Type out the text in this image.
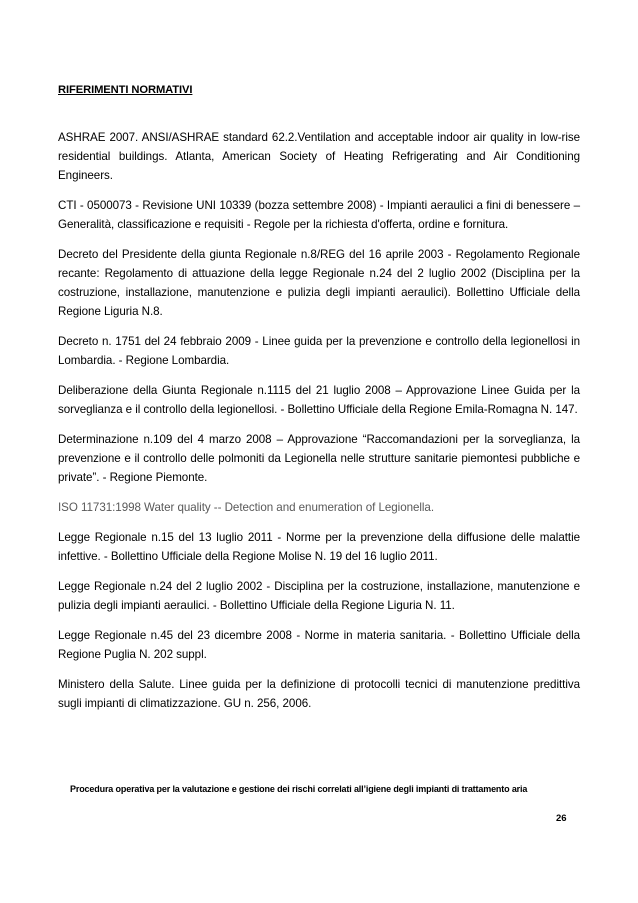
RIFERIMENTI NORMATIVI
ASHRAE 2007. ANSI/ASHRAE standard 62.2.Ventilation and acceptable indoor air quality in low-rise residential buildings. Atlanta, American Society of Heating Refrigerating and Air Conditioning Engineers.
CTI - 0500073 - Revisione UNI 10339 (bozza settembre 2008) - Impianti aeraulici a fini di benessere – Generalità, classificazione e requisiti - Regole per la richiesta d'offerta, ordine e fornitura.
Decreto del Presidente della giunta Regionale n.8/REG del 16 aprile 2003 - Regolamento Regionale recante: Regolamento di attuazione della legge Regionale n.24 del 2 luglio 2002 (Disciplina per la costruzione, installazione, manutenzione e pulizia degli impianti aeraulici). Bollettino Ufficiale della Regione Liguria N.8.
Decreto n. 1751 del 24 febbraio 2009 - Linee guida per la prevenzione e controllo della legionellosi in Lombardia. - Regione Lombardia.
Deliberazione della Giunta Regionale n.1115 del 21 luglio 2008 – Approvazione Linee Guida per la sorveglianza e il controllo della legionellosi. - Bollettino Ufficiale della Regione Emila-Romagna N. 147.
Determinazione n.109 del 4 marzo 2008 – Approvazione “Raccomandazioni per la sorveglianza, la prevenzione e il controllo delle polmoniti da Legionella nelle strutture sanitarie piemontesi pubbliche e private”. - Regione Piemonte.
ISO 11731:1998 Water quality -- Detection and enumeration of Legionella.
Legge Regionale n.15 del 13 luglio 2011 - Norme per la prevenzione della diffusione delle malattie infettive. - Bollettino Ufficiale della Regione Molise N. 19 del 16 luglio 2011.
Legge Regionale n.24 del 2 luglio 2002 - Disciplina per la costruzione, installazione, manutenzione e pulizia degli impianti aeraulici. - Bollettino Ufficiale della Regione Liguria N. 11.
Legge Regionale n.45 del 23 dicembre 2008 - Norme in materia sanitaria. - Bollettino Ufficiale della Regione Puglia N. 202 suppl.
Ministero della Salute. Linee guida per la definizione di protocolli tecnici di manutenzione predittiva sugli impianti di climatizzazione. GU n. 256, 2006.
Procedura operativa per la valutazione e gestione dei rischi correlati all’igiene degli impianti di trattamento aria
26
